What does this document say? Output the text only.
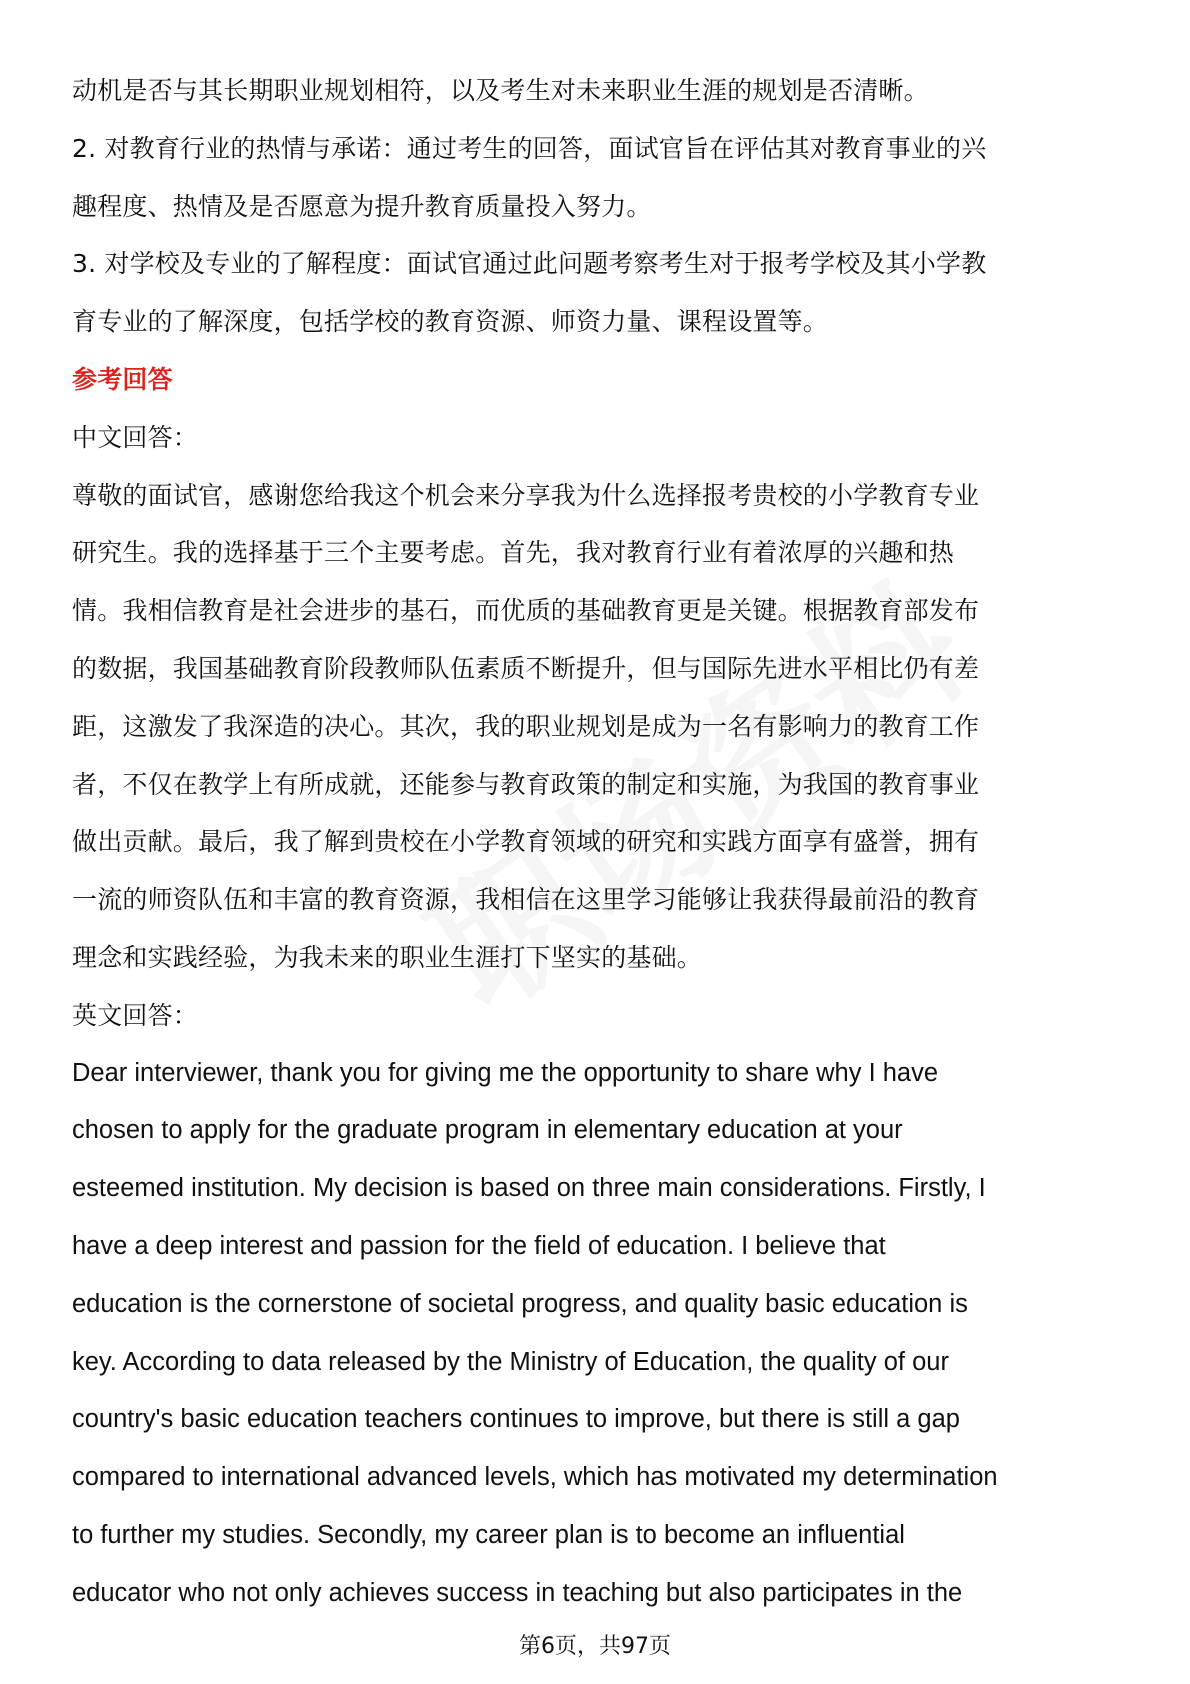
动机是否与其长期职业规划相符，以及考生对未来职业生涯的规划是否清晰。
2. 对教育行业的热情与承诺：通过考生的回答，面试官旨在评估其对教育事业的兴
趣程度、热情及是否愿意为提升教育质量投入努力。
3. 对学校及专业的了解程度：面试官通过此问题考察考生对于报考学校及其小学教
育专业的了解深度，包括学校的教育资源、师资力量、课程设置等。
参考回答
中文回答：
尊敬的面试官，感谢您给我这个机会来分享我为什么选择报考贵校的小学教育专业
研究生。我的选择基于三个主要考虑。首先，我对教育行业有着浓厚的兴趣和热
情。我相信教育是社会进步的基石，而优质的基础教育更是关键。根据教育部发布
的数据，我国基础教育阶段教师队伍素质不断提升，但与国际先进水平相比仍有差
距，这激发了我深造的决心。其次，我的职业规划是成为一名有影响力的教育工作
者，不仅在教学上有所成就，还能参与教育政策的制定和实施，为我国的教育事业
做出贡献。最后，我了解到贵校在小学教育领域的研究和实践方面享有盛誉，拥有
一流的师资队伍和丰富的教育资源，我相信在这里学习能够让我获得最前沿的教育
理念和实践经验，为我未来的职业生涯打下坚实的基础。
英文回答：
Dear interviewer, thank you for giving me the opportunity to share why I have
chosen to apply for the graduate program in elementary education at your
esteemed institution. My decision is based on three main considerations. Firstly, I
have a deep interest and passion for the field of education. I believe that
education is the cornerstone of societal progress, and quality basic education is
key. According to data released by the Ministry of Education, the quality of our
country's basic education teachers continues to improve, but there is still a gap
compared to international advanced levels, which has motivated my determination
to further my studies. Secondly, my career plan is to become an influential
educator who not only achieves success in teaching but also participates in the
第6页，共97页
